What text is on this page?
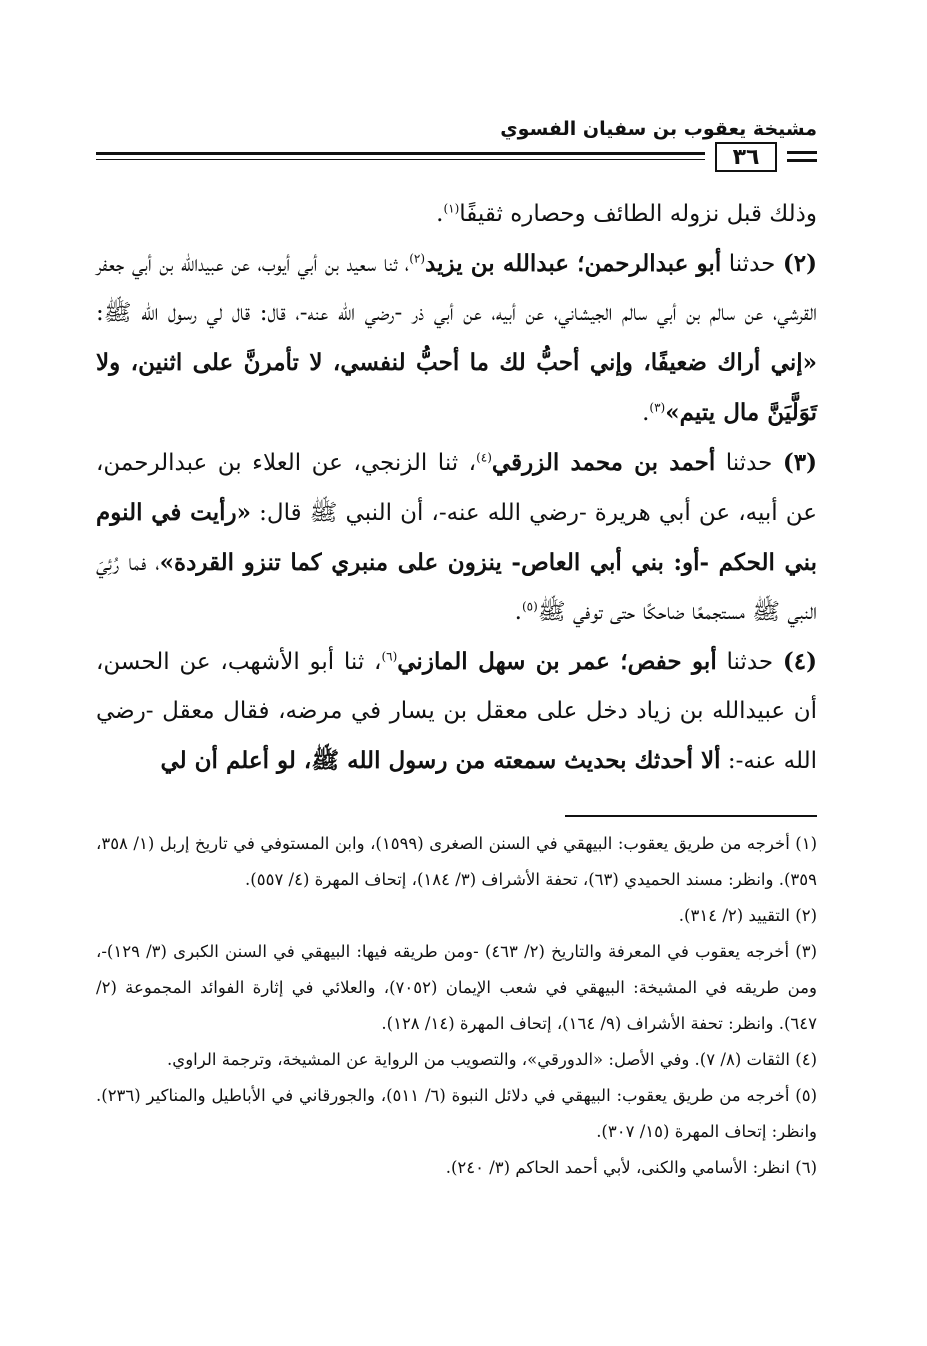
مشيخة يعقوب بن سفيان الفسوي
٣٦

وذلك قبل نزوله الطائف وحصاره ثقيفًا$^{(١)}$.

(٢) حدثنا أبو عبدالرحمن؛ عبدالله بن يزيد$^{(٢)}$، ثنا سعيد بن أبي أيوب، عن عبيدالله بن أبي جعفر القرشي، عن سالم بن أبي سالم الجيشاني، عن أبيه، عن أبي ذر -رضي الله عنه-، قال: قال لي رسول الله ﷺ: «إني أراك ضعيفًا، وإني أحبُّ لك ما أحبُّ لنفسي، لا تأمرنَّ على اثنين، ولا تَوَلَّيَنَّ مال يتيم»$^{(٣)}$.

(٣) حدثنا أحمد بن محمد الزرقي$^{(٤)}$، ثنا الزنجي، عن العلاء بن عبدالرحمن، عن أبيه، عن أبي هريرة -رضي الله عنه-، أن النبي ﷺ قال: «رأيت في النوم بني الحكم -أو: بني أبي العاص- ينزون على منبري كما تنزو القردة»، فما رُئِيَ النبي ﷺ مستجمعًا ضاحكًا حتى توفي ﷺ$^{(٥)}$.

(٤) حدثنا أبو حفص؛ عمر بن سهل المازني$^{(٦)}$، ثنا أبو الأشهب، عن الحسن، أن عبيدالله بن زياد دخل على معقل بن يسار في مرضه، فقال معقل -رضي الله عنه-: ألا أحدثك بحديث سمعته من رسول الله ﷺ، لو أعلم أن لي

(١) أخرجه من طريق يعقوب: البيهقي في السنن الصغرى (١٥٩٩)، وابن المستوفي في تاريخ إربل (١/ ٣٥٨، ٣٥٩). وانظر: مسند الحميدي (٦٣)، تحفة الأشراف (٣/ ١٨٤)، إتحاف المهرة (٤/ ٥٥٧).

(٢) التقييد (٢/ ٣١٤).

(٣) أخرجه يعقوب في المعرفة والتاريخ (٢/ ٤٦٣) -ومن طريقه فيها: البيهقي في السنن الكبرى (٣/ ١٢٩)-، ومن طريقه في المشيخة: البيهقي في شعب الإيمان (٧٠٥٢)، والعلائي في إثارة الفوائد المجموعة (٢/ ٦٤٧). وانظر: تحفة الأشراف (٩/ ١٦٤)، إتحاف المهرة (١٤/ ١٢٨).

(٤) الثقات (٨/ ٧). وفي الأصل: «الدورقي»، والتصويب من الرواية عن المشيخة، وترجمة الراوي.

(٥) أخرجه من طريق يعقوب: البيهقي في دلائل النبوة (٦/ ٥١١)، والجورقاني في الأباطيل والمناكير (٢٣٦). وانظر: إتحاف المهرة (١٥/ ٣٠٧).

(٦) انظر: الأسامي والكنى، لأبي أحمد الحاكم (٣/ ٢٤٠).
